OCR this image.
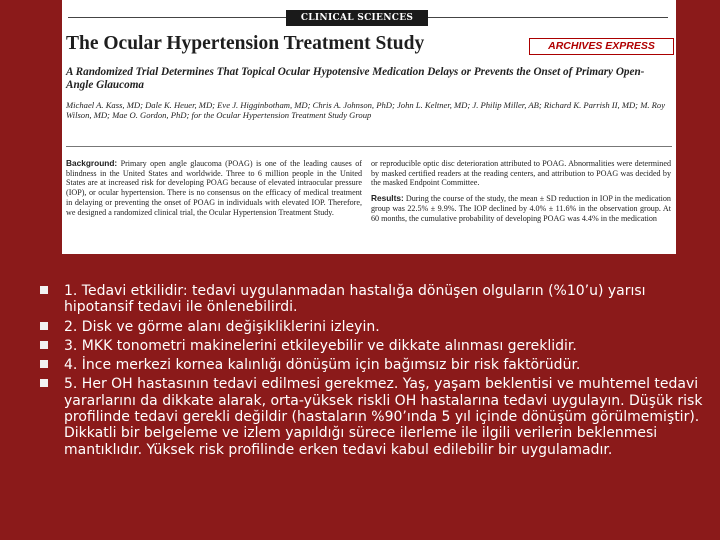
CLINICAL SCIENCES
The Ocular Hypertension Treatment Study	ARCHIVES EXPRESS
A Randomized Trial Determines That Topical Ocular Hypotensive Medication Delays or Prevents the Onset of Primary Open-Angle Glaucoma
Michael A. Kass, MD; Dale K. Heuer, MD; Eve J. Higginbotham, MD; Chris A. Johnson, PhD; John L. Keltner, MD; J. Philip Miller, AB; Richard K. Parrish II, MD; M. Roy Wilson, MD; Mae O. Gordon, PhD; for the Ocular Hypertension Treatment Study Group

Background: Primary open angle glaucoma (POAG) is one of the leading causes of blindness in the United States and worldwide. Three to 6 million people in the United States are at increased risk for developing POAG because of elevated intraocular pressure (IOP), or ocular hypertension. There is no consensus on the efficacy of medical treatment in delaying or preventing the onset of POAG in individuals with elevated IOP. Therefore, we designed a randomized clinical trial, the Ocular Hypertension Treatment Study.

or reproducible optic disc deterioration attributed to POAG. Abnormalities were determined by masked certified readers at the reading centers, and attribution to POAG was decided by the masked Endpoint Committee.

Results: During the course of the study, the mean ± SD reduction in IOP in the medication group was 22.5% ± 9.9%. The IOP declined by 4.0% ± 11.6% in the observation group. At 60 months, the cumulative probability of developing POAG was 4.4% in the medication

1. Tedavi etkilidir: tedavi uygulanmadan hastalığa dönüşen olguların (%10’u) yarısı hipotansif tedavi ile önlenebilirdi.
2. Disk ve görme alanı değişikliklerini izleyin.
3. MKK tonometri makinelerini etkileyebilir ve dikkate alınması gereklidir.
4. İnce merkezi kornea kalınlığı dönüşüm için bağımsız bir risk faktörüdür.
5. Her OH hastasının tedavi edilmesi gerekmez. Yaş, yaşam beklentisi ve muhtemel tedavi yararlarını da dikkate alarak, orta-yüksek riskli OH hastalarına tedavi uygulayın. Düşük risk profilinde tedavi gerekli değildir (hastaların %90’ında 5 yıl içinde dönüşüm görülmemiştir). Dikkatli bir belgeleme ve izlem yapıldığı sürece ilerleme ile ilgili verilerin beklenmesi mantıklıdır. Yüksek risk profilinde erken tedavi kabul edilebilir bir uygulamadır.
